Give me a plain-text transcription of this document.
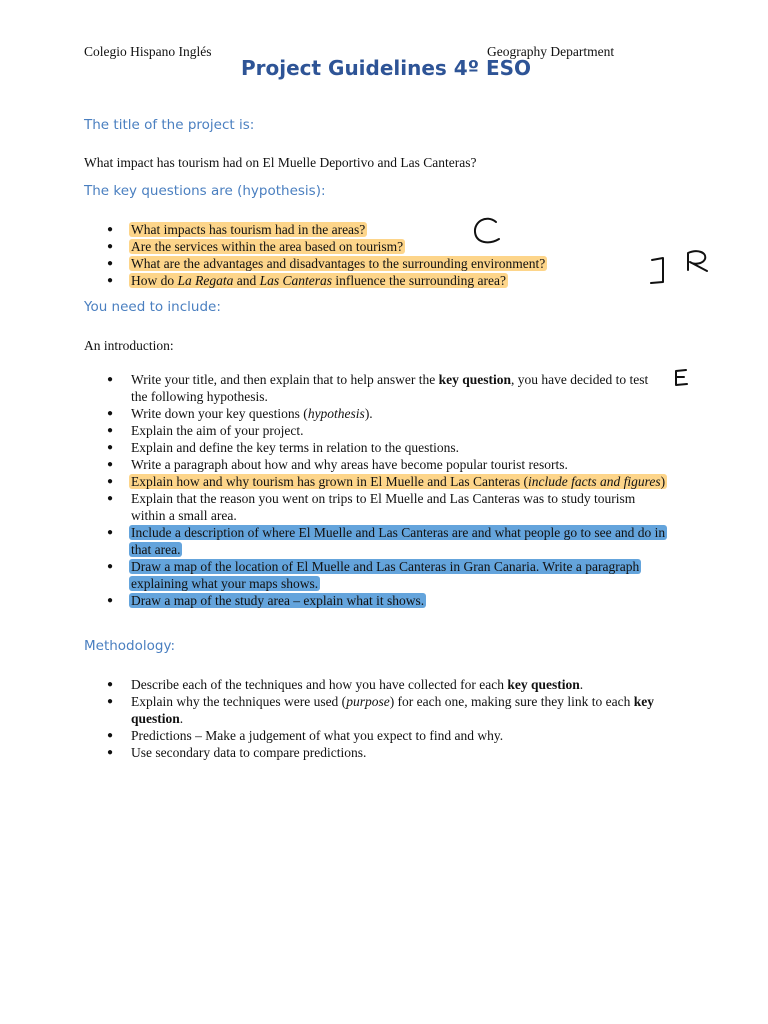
Colegio Hispano Inglés	Geography Department
Project Guidelines 4º ESO
The title of the project is:
What impact has tourism had on El Muelle Deportivo and Las Canteras?
The key questions are (hypothesis):
● What impacts has tourism had in the areas?
● Are the services within the area based on tourism?
● What are the advantages and disadvantages to the surrounding environment?
● How do La Regata and Las Canteras influence the surrounding area?
You need to include:
An introduction:
● Write your title, and then explain that to help answer the key question, you have decided to test the following hypothesis.
● Write down your key questions (hypothesis).
● Explain the aim of your project.
● Explain and define the key terms in relation to the questions.
● Write a paragraph about how and why areas have become popular tourist resorts.
● Explain how and why tourism has grown in El Muelle and Las Canteras (include facts and figures)
● Explain that the reason you went on trips to El Muelle and Las Canteras was to study tourism within a small area.
● Include a description of where El Muelle and Las Canteras are and what people go to see and do in that area.
● Draw a map of the location of El Muelle and Las Canteras in Gran Canaria. Write a paragraph explaining what your maps shows.
● Draw a map of the study area – explain what it shows.
Methodology:
● Describe each of the techniques and how you have collected for each key question.
● Explain why the techniques were used (purpose) for each one, making sure they link to each key question.
● Predictions – Make a judgement of what you expect to find and why.
● Use secondary data to compare predictions.
